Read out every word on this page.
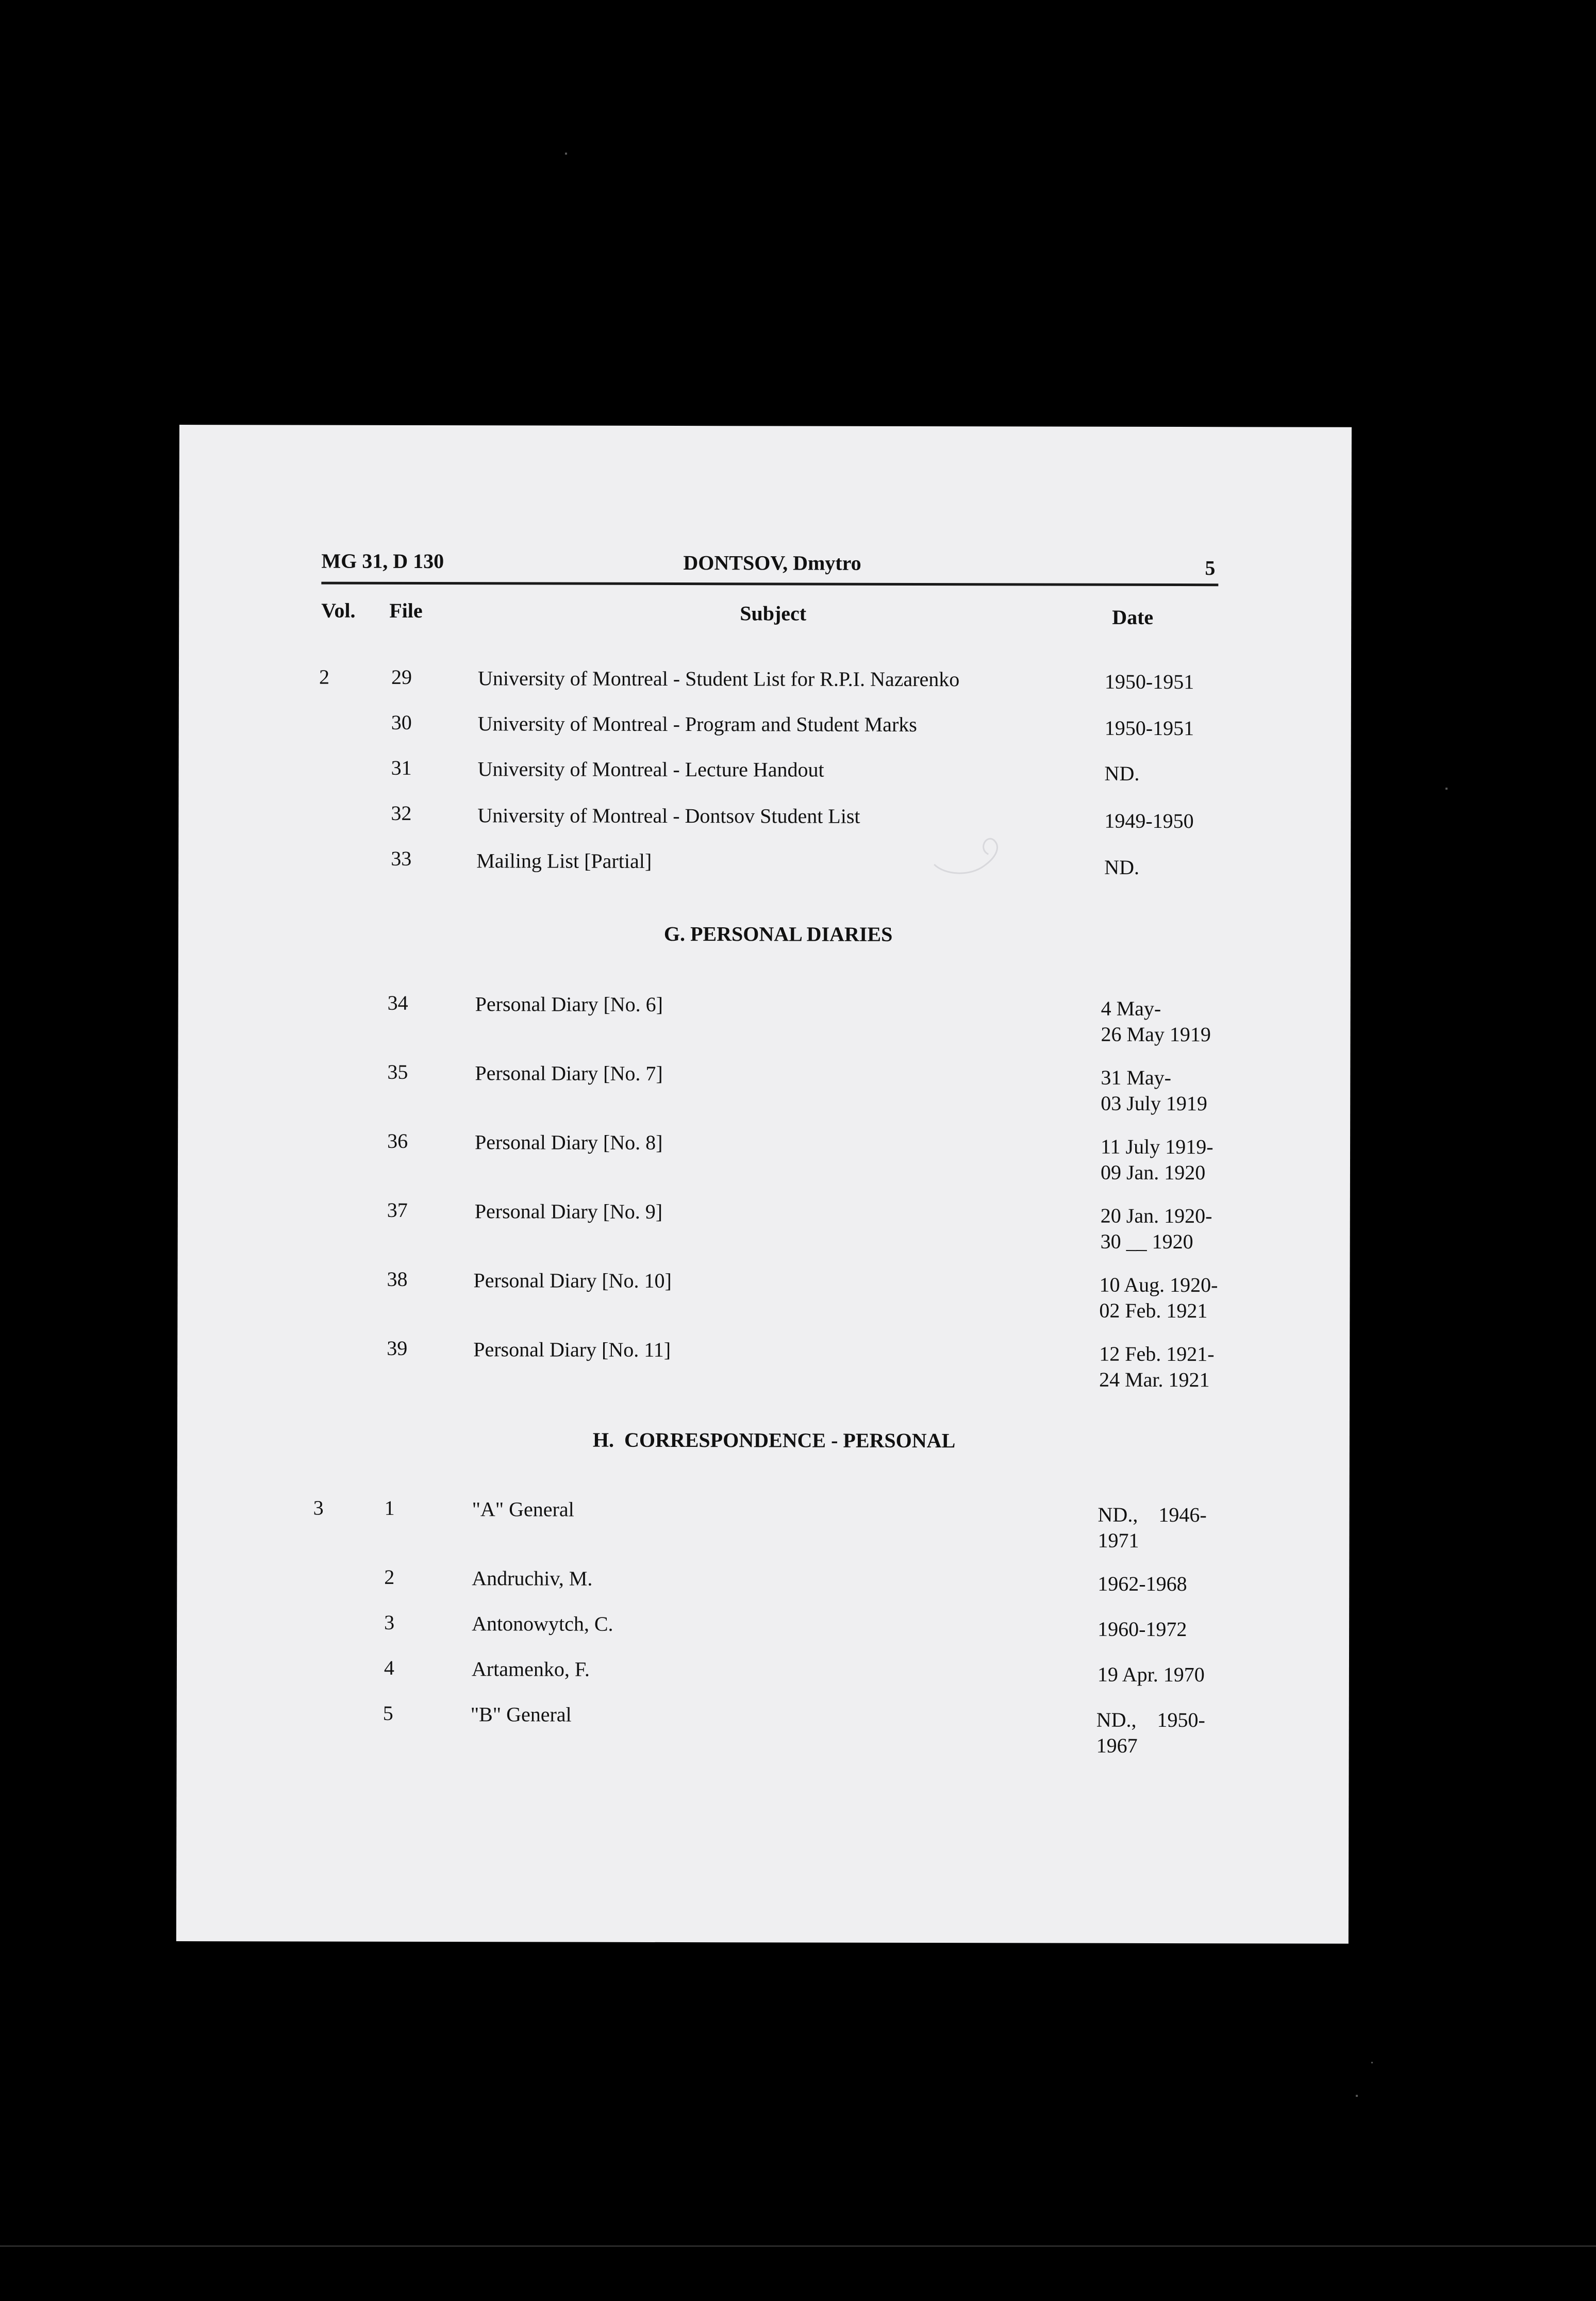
MG 31, D 130	DONTSOV, Dmytro	5
Vol. File	Subject	Date
2	29	University of Montreal - Student List for R.P.I. Nazarenko	1950-1951
30	University of Montreal - Program and Student Marks	1950-1951
31	University of Montreal - Lecture Handout	ND.
32	University of Montreal - Dontsov Student List	1949-1950
33	Mailing List [Partial]	ND.
G. PERSONAL DIARIES
34	Personal Diary [No. 6]	4 May-
26 May 1919
35	Personal Diary [No. 7]	31 May-
03 July 1919
36	Personal Diary [No. 8]	11 July 1919-
09 Jan. 1920
37	Personal Diary [No. 9]	20 Jan. 1920-
30 __ 1920
38	Personal Diary [No. 10]	10 Aug. 1920-
02 Feb. 1921
39	Personal Diary [No. 11]	12 Feb. 1921-
24 Mar. 1921
H.  CORRESPONDENCE - PERSONAL
3	1	"A" General	ND.,    1946-
1971
2	Andruchiv, M.	1962-1968
3	Antonowytch, C.	1960-1972
4	Artamenko, F.	19 Apr. 1970
5	"B" General	ND.,    1950-
1967
